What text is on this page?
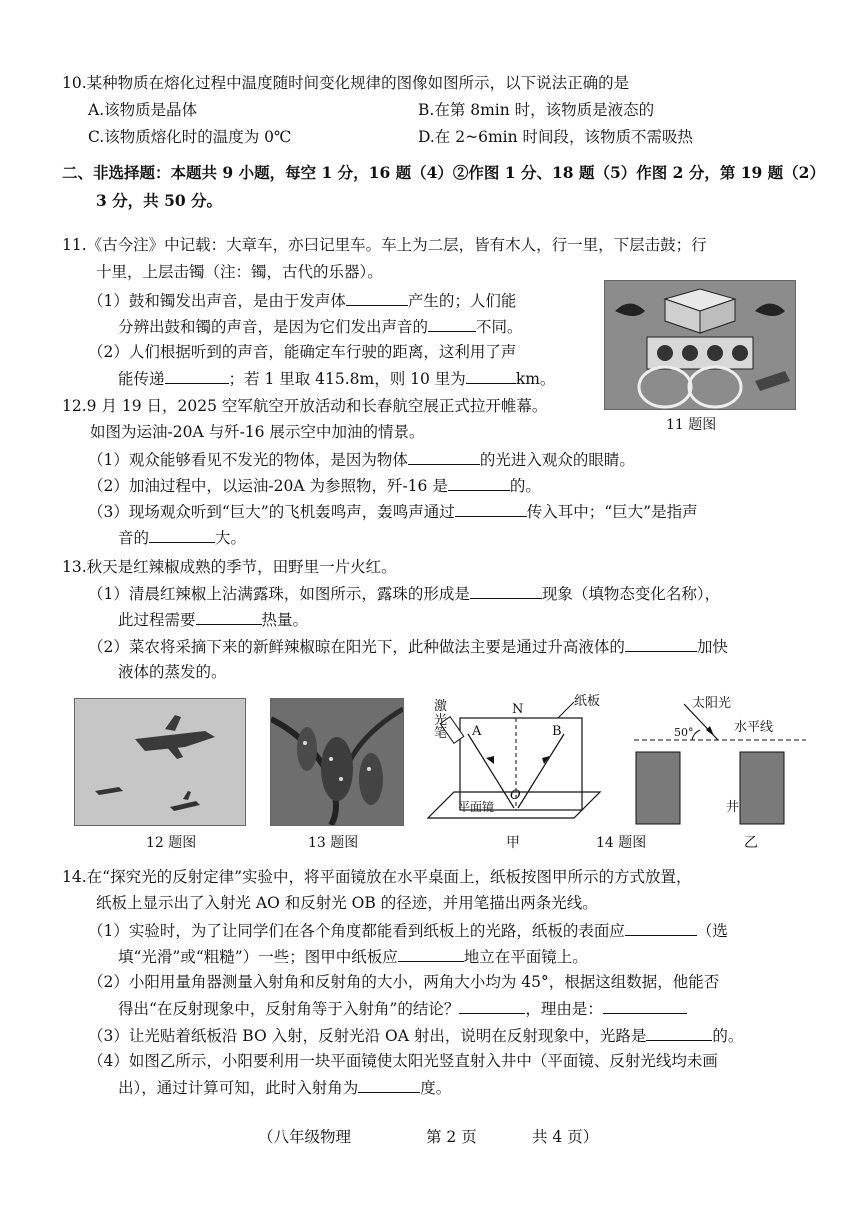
10.某种物质在熔化过程中温度随时间变化规律的图像如图所示，以下说法正确的是
A.该物质是晶体	B.在第 8min 时，该物质是液态的
C.该物质熔化时的温度为 0℃	D.在 2~6min 时间段，该物质不需吸热
二、非选择题：本题共 9 小题，每空 1 分，16 题（4）②作图 1 分、18 题（5）作图 2 分，第 19 题（2）
3 分，共 50 分。
11.《古今注》中记载：大章车，亦曰记里车。车上为二层，皆有木人，行一里，下层击鼓；行
十里，上层击镯（注：镯，古代的乐器）。
（1）鼓和镯发出声音，是由于发声体	产生的；人们能
分辨出鼓和镯的声音，是因为它们发出声音的	不同。
（2）人们根据听到的声音，能确定车行驶的距离，这利用了声
能传递	；若 1 里取 415.8m，则 10 里为	km。
11 题图
12.9 月 19 日，2025 空军航空开放活动和长春航空展正式拉开帷幕。
如图为运油-20A 与歼-16 展示空中加油的情景。
（1）观众能够看见不发光的物体，是因为物体	的光进入观众的眼睛。
（2）加油过程中，以运油-20A 为参照物，歼-16 是	的。
（3）现场观众听到“巨大”的飞机轰鸣声，轰鸣声通过	传入耳中；“巨大”是指声
音的	大。
13.秋天是红辣椒成熟的季节，田野里一片火红。
（1）清晨红辣椒上沾满露珠，如图所示，露珠的形成是	现象（填物态变化名称），
此过程需要	热量。
（2）菜农将采摘下来的新鲜辣椒晾在阳光下，此种做法主要是通过升高液体的	加快
液体的蒸发的。
激光笔
纸板
N
A	B
O
平面镜
太阳光
水平线
50°
井
12 题图	13 题图	甲	14 题图	乙
14.在“探究光的反射定律”实验中，将平面镜放在水平桌面上，纸板按图甲所示的方式放置，
纸板上显示出了入射光 AO 和反射光 OB 的径迹，并用笔描出两条光线。
（1）实验时，为了让同学们在各个角度都能看到纸板上的光路，纸板的表面应	（选
填“光滑”或“粗糙”）一些；图甲中纸板应	地立在平面镜上。
（2）小阳用量角器测量入射角和反射角的大小，两角大小均为 45°，根据这组数据，他能否
得出“在反射现象中，反射角等于入射角”的结论？	，理由是：
（3）让光贴着纸板沿 BO 入射，反射光沿 OA 射出，说明在反射现象中，光路是	的。
（4）如图乙所示，小阳要利用一块平面镜使太阳光竖直射入井中（平面镜、反射光线均未画
出），通过计算可知，此时入射角为	度。
（八年级物理	第 2 页	共 4 页）
